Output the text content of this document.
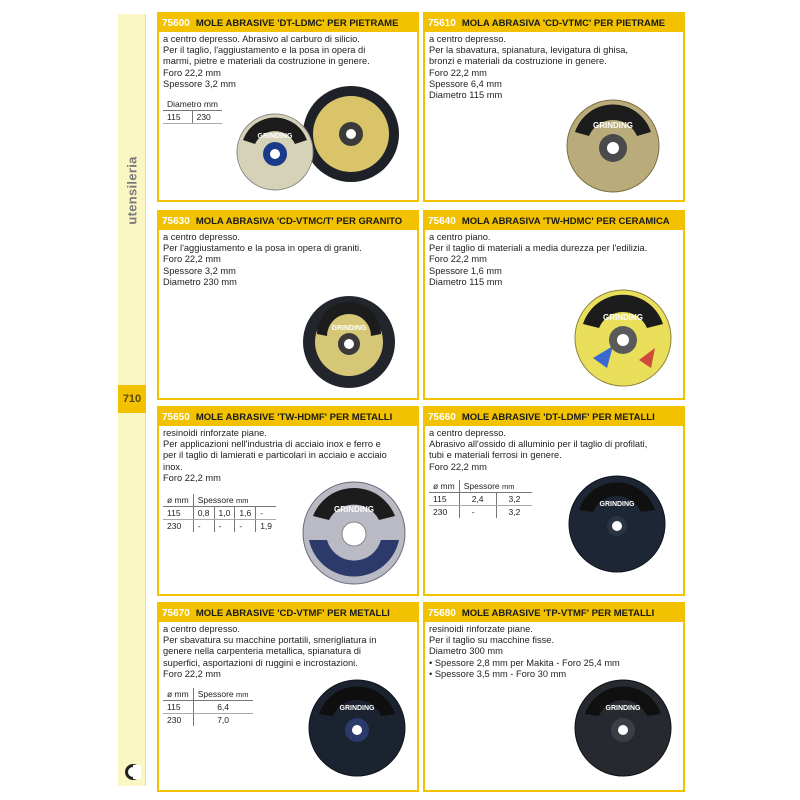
utensileria
710
75600 MOLE ABRASIVE 'DT-LDMC' PER PIETRAME
a centro depresso. Abrasivo al carburo di silicio.
Per il taglio, l'aggiustamento e la posa in opera di
marmi, pietre e materiali da costruzione in genere.
Foro 22,2 mm
Spessore 3,2 mm
Diametro mm
115	230
GRINDING
75610 MOLA ABRASIVA 'CD-VTMC' PER PIETRAME
a centro depresso.
Per la sbavatura, spianatura, levigatura di ghisa,
bronzi e materiali da costruzione in genere.
Foro 22,2 mm
Spessore 6,4 mm
Diametro 115 mm
GRINDING
75630 MOLA ABRASIVA 'CD-VTMC/T' PER GRANITO
a centro depresso.
Per l'aggiustamento e la posa in opera di graniti.
Foro 22,2 mm
Spessore 3,2 mm
Diametro 230 mm
GRINDING
75640 MOLA ABRASIVA 'TW-HDMC' PER CERAMICA
a centro piano.
Per il taglio di materiali a media durezza per l'edilizia.
Foro 22,2 mm
Spessore 1,6 mm
Diametro 115 mm
GRINDING
75650 MOLE ABRASIVE 'TW-HDMF' PER METALLI
resinoidi rinforzate piane.
Per applicazioni nell'industria di acciaio inox e ferro e
per il taglio di lamierati e particolari in acciaio e acciaio
inox.
Foro 22,2 mm
ø mm	Spessore mm			
115	0,8	1,0	1,6	-
230	-	-	-	1,9
GRINDING
75660 MOLE ABRASIVE 'DT-LDMF' PER METALLI
a centro depresso.
Abrasivo all'ossido di alluminio per il taglio di profilati,
tubi e materiali ferrosi in genere.
Foro 22,2 mm
ø mm	Spessore mm	
115	2,4	3,2
230	-	3,2
GRINDING
75670 MOLE ABRASIVE 'CD-VTMF' PER METALLI
a centro depresso.
Per sbavatura su macchine portatili, smerigliatura in
genere nella carpenteria metallica, spianatura di
superfici, asportazioni di ruggini e incrostazioni.
Foro 22,2 mm
ø mm	Spessore mm
115	6,4
230	7,0
GRINDING
75680 MOLE ABRASIVE 'TP-VTMF' PER METALLI
resinoidi rinforzate piane.
Per il taglio su macchine fisse.
Diametro 300 mm
• Spessore 2,8 mm per Makita - Foro 25,4 mm
• Spessore 3,5 mm - Foro 30 mm
GRINDING
